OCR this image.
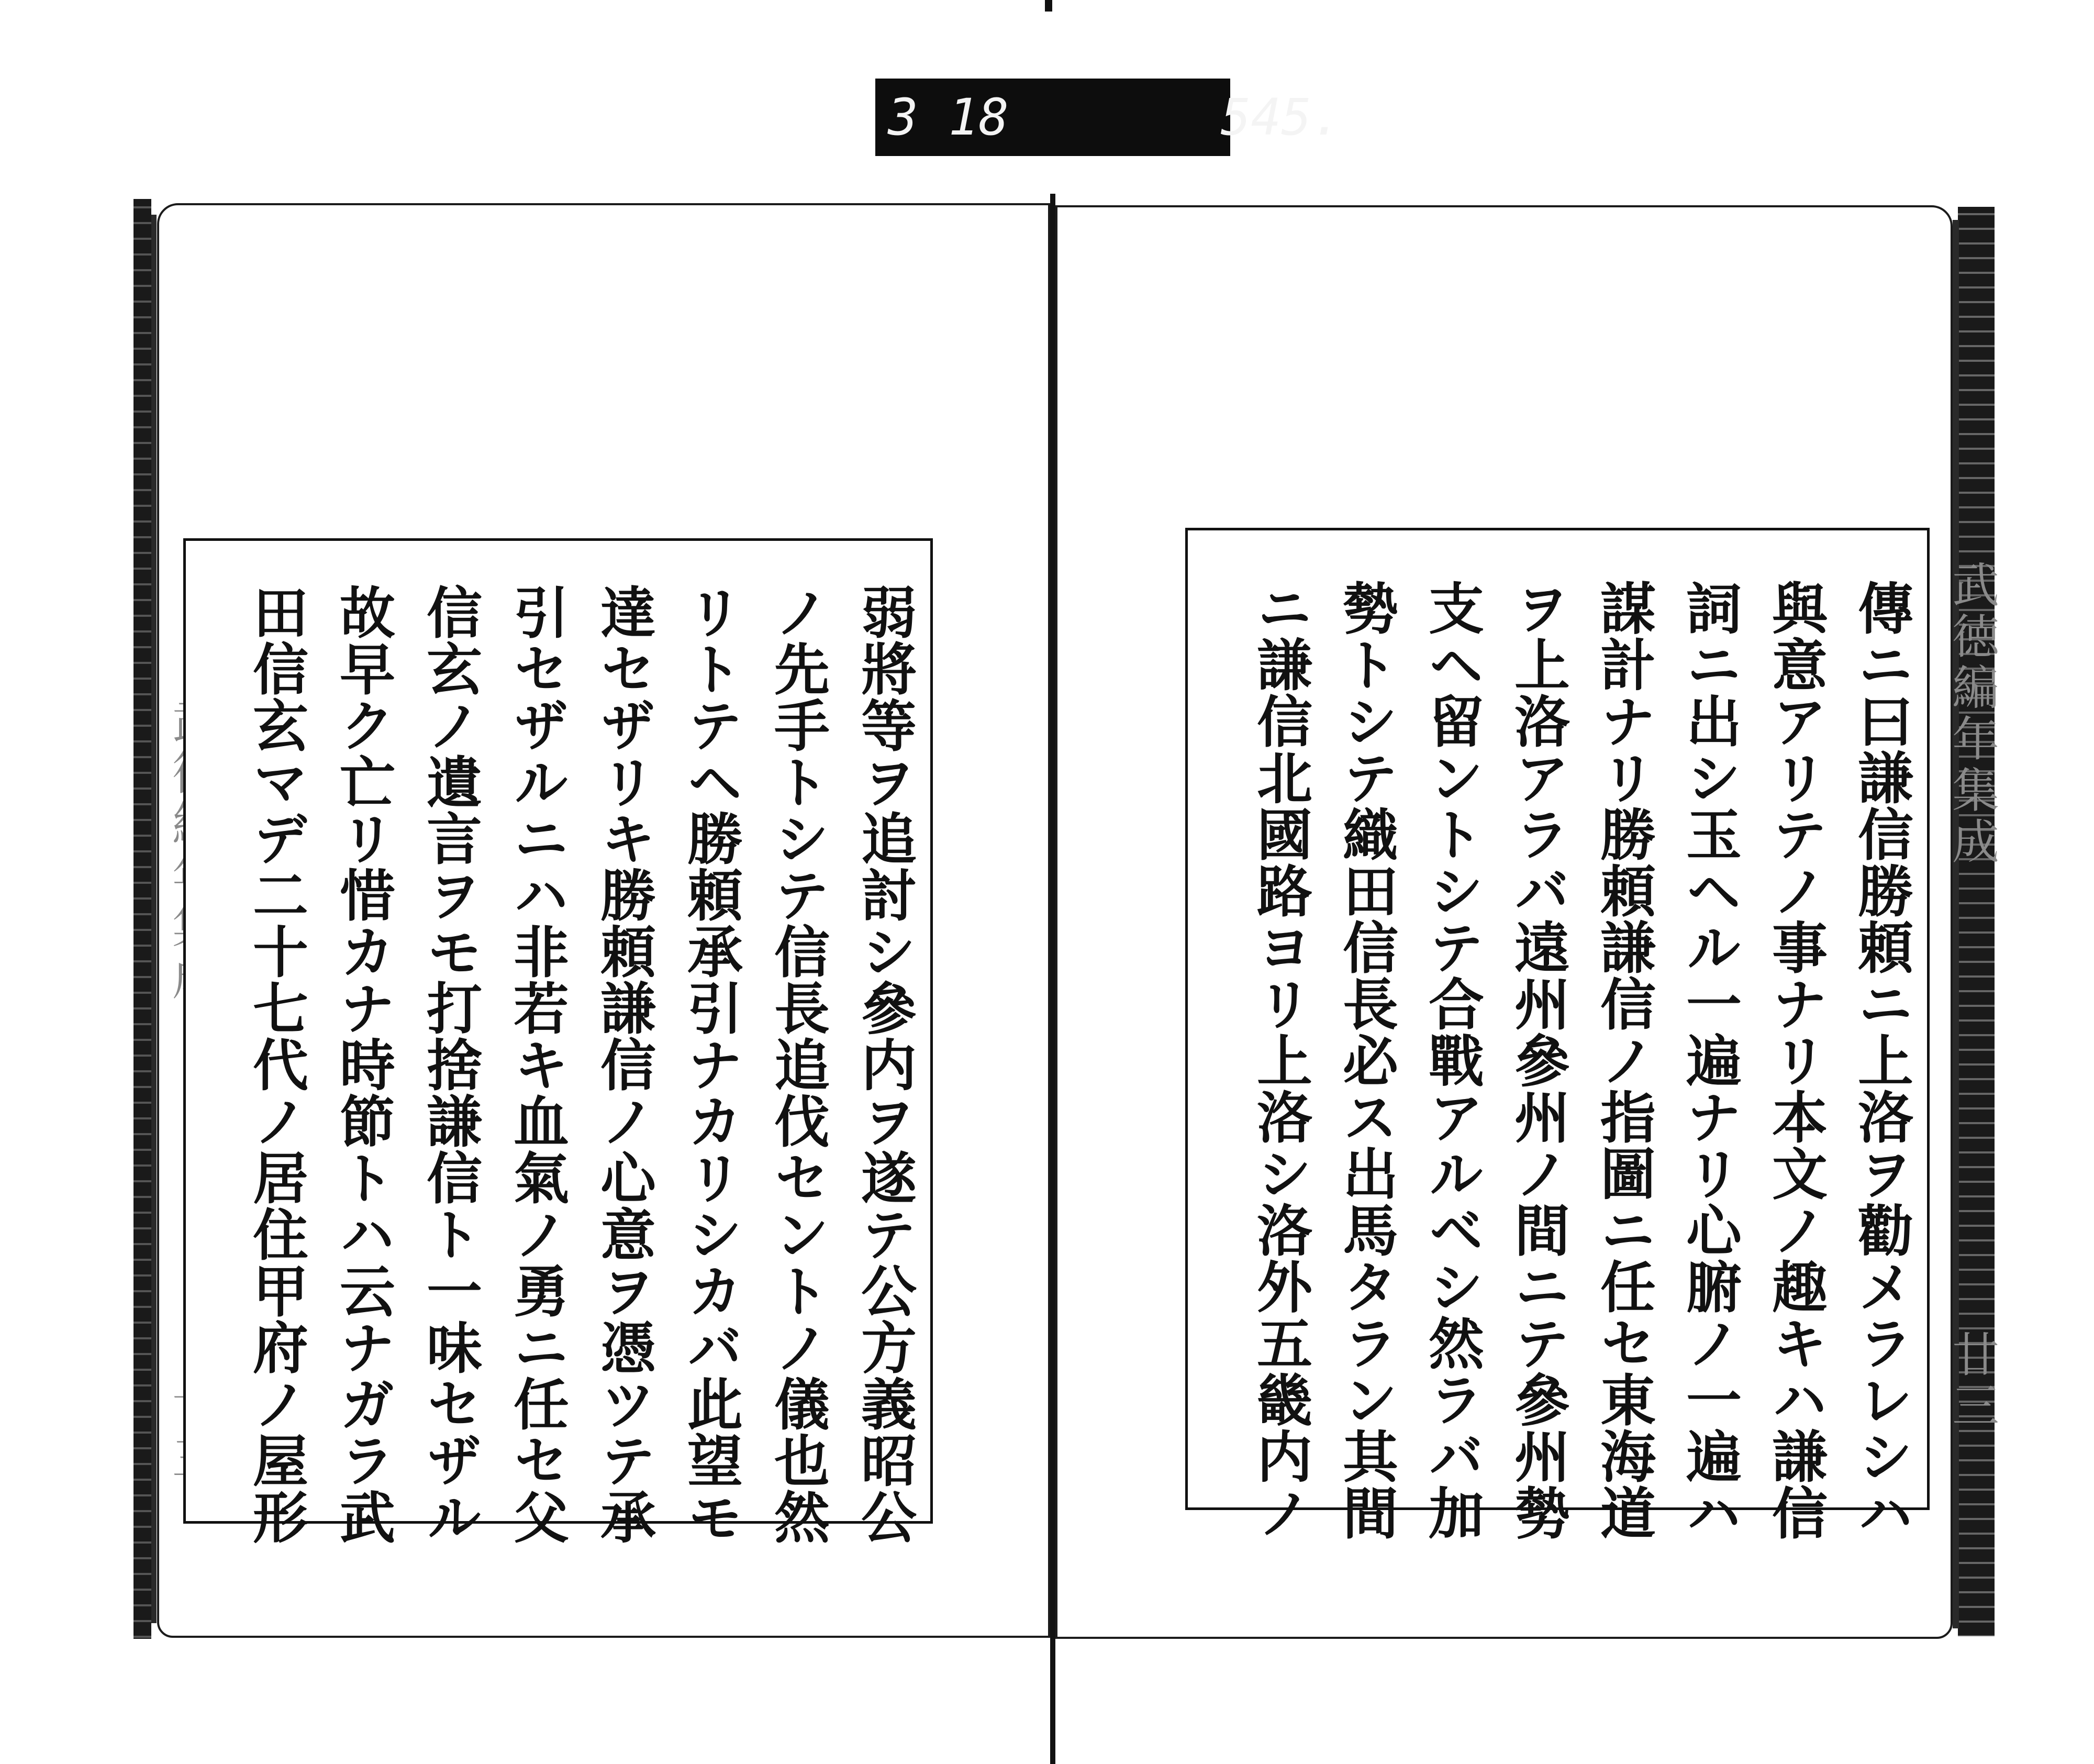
3 18	545.
武徳編年集成
廿三
弱將等ヲ追討シ參内ヲ遂テ公方義昭公
ノ先手トシテ信長追伐セントノ儀也然
リトテヘ勝頼承引ナカリシカバ此望モ
達セザリキ勝頼謙信ノ心意ヲ憑ツテ承
引セザルニハ非若キ血氣ノ勇ニ任セ父
信玄ノ遺言ヲモ打捨謙信ト一味セザル
故早ク亡リ惜カナ時節トハ云ナガラ武
田信玄マデ二十七代ノ居住甲府ノ屋形	傳ニ曰謙信勝頼ニ上洛ヲ勸メラレシハ
與意アリテノ事ナリ本文ノ趣キハ謙信
詞ニ出シ玉ヘル一遍ナリ心腑ノ一遍ハ
謀計ナリ勝頼謙信ノ指圖ニ任セ東海道
ヲ上洛アラバ遠州參州ノ間ニテ參州勢
支ヘ留ントシテ合戰アルベシ然ラバ加
勢トシテ織田信長必ス出馬タラン其間
ニ謙信北國路ヨリ上洛シ洛外五畿内ノ
